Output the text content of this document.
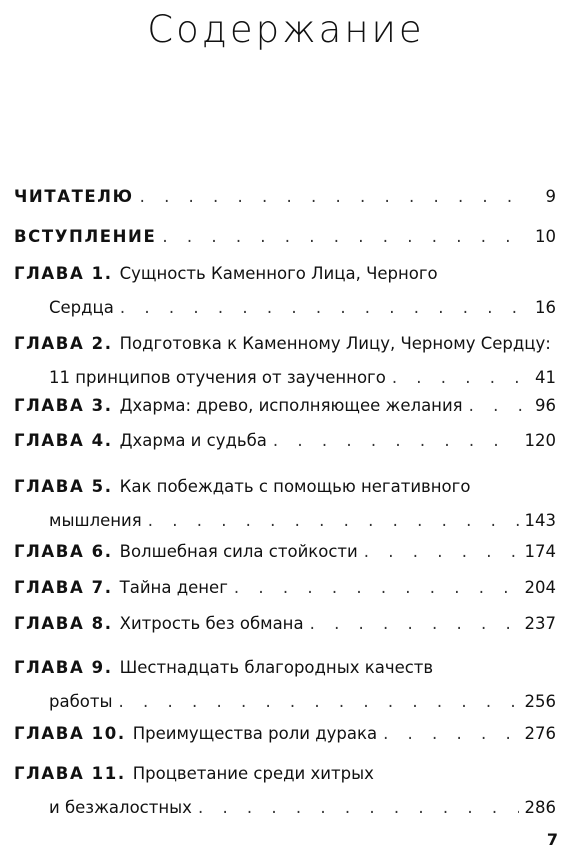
Содержание
ЧИТАТЕЛЮ . . .	9
ВСТУПЛЕНИЕ . . .	10
ГЛАВА 1. Сущность Каменного Лица, Черного
Сердца . . .	16
ГЛАВА 2. Подготовка к Каменному Лицу, Черному Сердцу:
11 принципов отучения от заученного . . .	41
ГЛАВА 3. Дхарма: древо, исполняющее желания . . .	96
ГЛАВА 4. Дхарма и судьба . . .	120
ГЛАВА 5. Как побеждать с помощью негативного
мышления . . .	143
ГЛАВА 6. Волшебная сила стойкости . . .	174
ГЛАВА 7. Тайна денег . . .	204
ГЛАВА 8. Хитрость без обмана . . .	237
ГЛАВА 9. Шестнадцать благородных качеств
работы . . .	256
ГЛАВА 10. Преимущества роли дурака . . .	276
ГЛАВА 11. Процветание среди хитрых
и безжалостных . . .	286
7
